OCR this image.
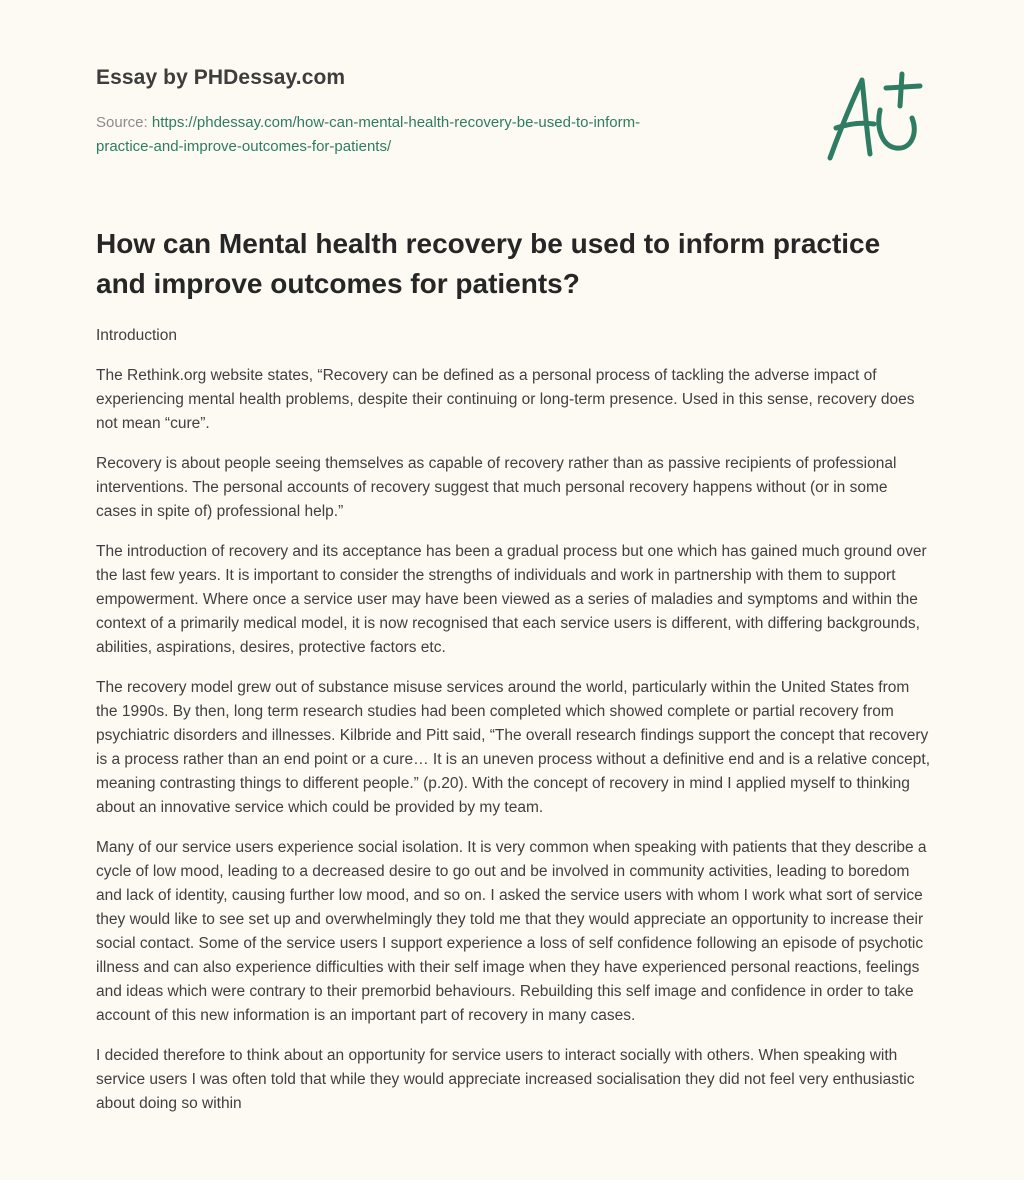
Essay by PHDessay.com
Source: https://phdessay.com/how-can-mental-health-recovery-be-used-to-inform-
practice-and-improve-outcomes-for-patients/
How can Mental health recovery be used to inform practice and improve outcomes for patients?

Introduction

The Rethink.org website states, “Recovery can be defined as a personal process of tackling the adverse impact of experiencing mental health problems, despite their continuing or long-term presence. Used in this sense, recovery does not mean “cure”.

Recovery is about people seeing themselves as capable of recovery rather than as passive recipients of professional interventions. The personal accounts of recovery suggest that much personal recovery happens without (or in some cases in spite of) professional help.”

The introduction of recovery and its acceptance has been a gradual process but one which has gained much ground over the last few years. It is important to consider the strengths of individuals and work in partnership with them to support empowerment. Where once a service user may have been viewed as a series of maladies and symptoms and within the context of a primarily medical model, it is now recognised that each service users is different, with differing backgrounds, abilities, aspirations, desires, protective factors etc.

The recovery model grew out of substance misuse services around the world, particularly within the United States from the 1990s. By then, long term research studies had been completed which showed complete or partial recovery from psychiatric disorders and illnesses. Kilbride and Pitt said, “The overall research findings support the concept that recovery is a process rather than an end point or a cure… It is an uneven process without a definitive end and is a relative concept, meaning contrasting things to different people.” (p.20). With the concept of recovery in mind I applied myself to thinking about an innovative service which could be provided by my team.

Many of our service users experience social isolation. It is very common when speaking with patients that they describe a cycle of low mood, leading to a decreased desire to go out and be involved in community activities, leading to boredom and lack of identity, causing further low mood, and so on. I asked the service users with whom I work what sort of service they would like to see set up and overwhelmingly they told me that they would appreciate an opportunity to increase their social contact. Some of the service users I support experience a loss of self confidence following an episode of psychotic illness and can also experience difficulties with their self image when they have experienced personal reactions, feelings and ideas which were contrary to their premorbid behaviours. Rebuilding this self image and confidence in order to take account of this new information is an important part of recovery in many cases.

I decided therefore to think about an opportunity for service users to interact socially with others. When speaking with service users I was often told that while they would appreciate increased socialisation they did not feel very enthusiastic about doing so within
